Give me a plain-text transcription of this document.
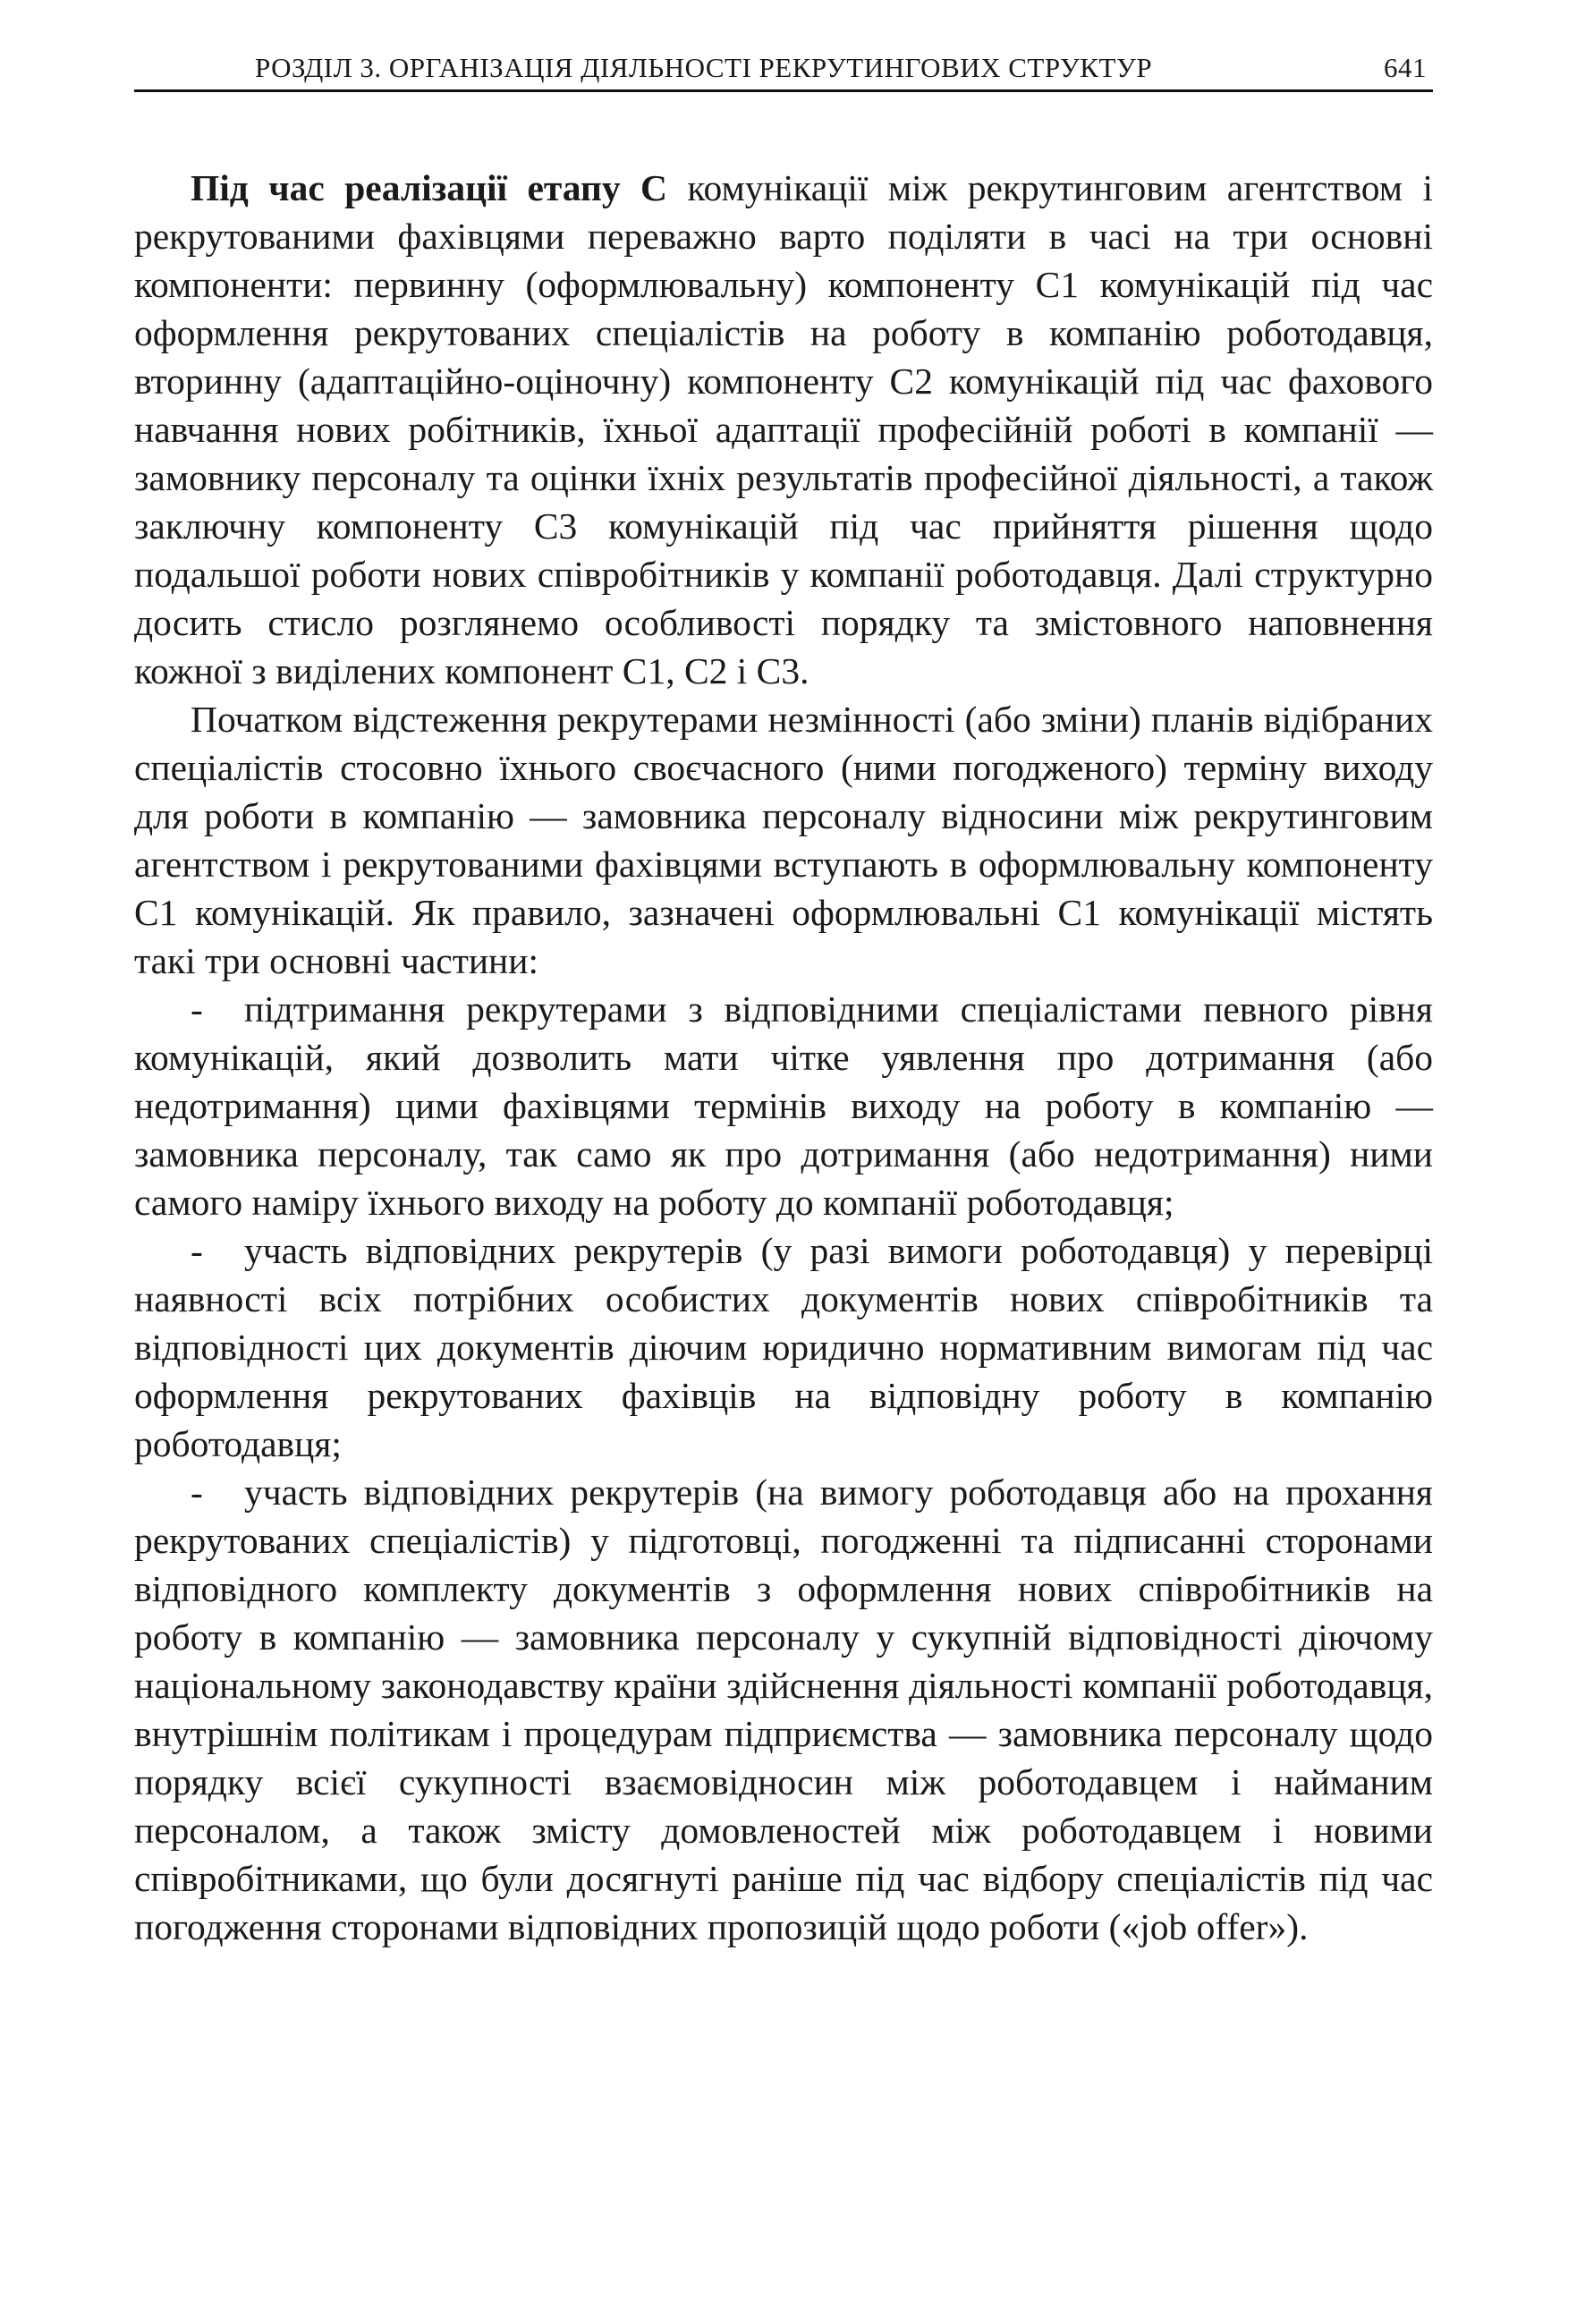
РОЗДІЛ 3. ОРГАНІЗАЦІЯ ДІЯЛЬНОСТІ РЕКРУТИНГОВИХ СТРУКТУР	641

Під час реалізації етапу С комунікації між рекрутинговим агентством і рекрутованими фахівцями переважно варто поділяти в часі на три основні компоненти: первинну (оформлювальну) компоненту С1 комунікацій під час оформлення рекрутованих спеціалістів на роботу в компанію роботодавця, вторинну (адаптаційно-оціночну) компоненту С2 комунікацій під час фахового навчання нових робітників, їхньої адаптації професійній роботі в компанії — замовнику персоналу та оцінки їхніх результатів професійної діяльності, а також заключну компоненту С3 комунікацій під час прийняття рішення щодо подальшої роботи нових співробітників у компанії роботодавця. Далі структурно досить стисло розглянемо особливості порядку та змістовного наповнення кожної з виділених компонент С1, С2 і С3.

Початком відстеження рекрутерами незмінності (або зміни) планів відібраних спеціалістів стосовно їхнього своєчасного (ними погодженого) терміну виходу для роботи в компанію — замовника персоналу відносини між рекрутинговим агентством і рекрутованими фахівцями вступають в оформлювальну компоненту С1 комунікацій. Як правило, зазначені оформлювальні С1 комунікації містять такі три основні частини:

- підтримання рекрутерами з відповідними спеціалістами певного рівня комунікацій, який дозволить мати чітке уявлення про дотримання (або недотримання) цими фахівцями термінів виходу на роботу в компанію — замовника персоналу, так само як про дотримання (або недотримання) ними самого наміру їхнього виходу на роботу до компанії роботодавця;

- участь відповідних рекрутерів (у разі вимоги роботодавця) у перевірці наявності всіх потрібних особистих документів нових співробітників та відповідності цих документів діючим юридично нормативним вимогам під час оформлення рекрутованих фахівців на відповідну роботу в компанію роботодавця;

- участь відповідних рекрутерів (на вимогу роботодавця або на прохання рекрутованих спеціалістів) у підготовці, погодженні та підписанні сторонами відповідного комплекту документів з оформлення нових співробітників на роботу в компанію — замовника персоналу у сукупній відповідності діючому національному законодавству країни здійснення діяльності компанії роботодавця, внутрішнім політикам і процедурам підприємства — замовника персоналу щодо порядку всієї сукупності взаємовідносин між роботодавцем і найманим персоналом, а також змісту домовленостей між роботодавцем і новими співробітниками, що були досягнуті раніше під час відбору спеціалістів під час погодження сторонами відповідних пропозицій щодо роботи («job offer»).
